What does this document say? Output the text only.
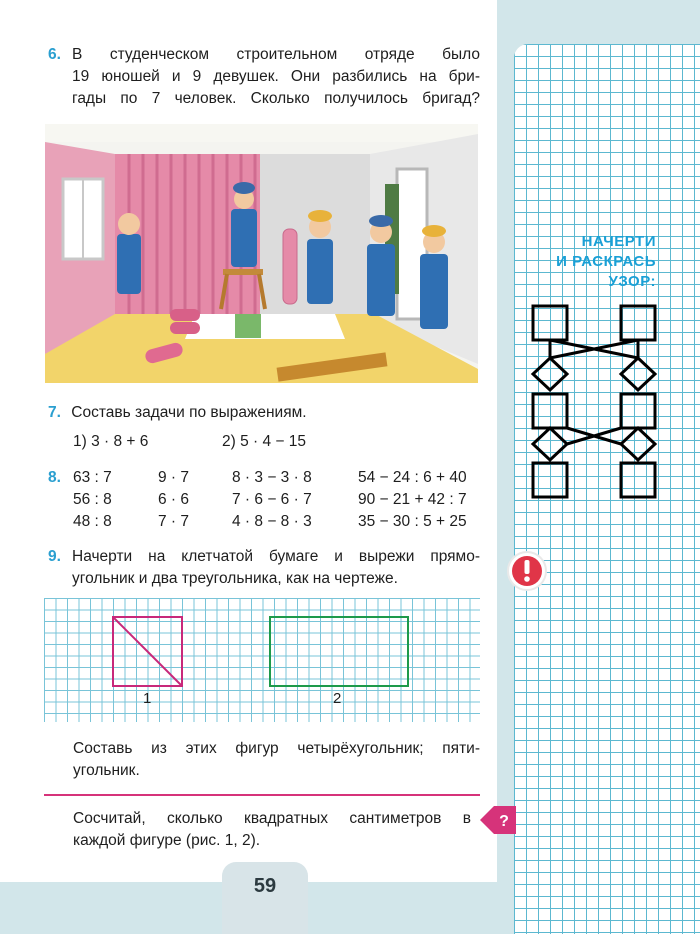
59
6. В студенческом строительном отряде было
19 юношей и 9 девушек. Они разбились на бри-
гады по 7 человек. Сколько получилось бригад?
7. Составь задачи по выражениям.
1) 3 · 8 + 6	2) 5 · 4 − 15
8. 63 : 7	9 · 7	8 · 3 − 3 · 8	54 − 24 : 6 + 40
56 : 8	6 · 6	7 · 6 − 6 · 7	90 − 21 + 42 : 7
48 : 8	7 · 7	4 · 8 − 8 · 3	35 − 30 : 5 + 25
9. Начерти на клетчатой бумаге и вырежи прямо-
угольник и два треугольника, как на чертеже.
1	2
Составь из этих фигур четырёхугольник; пяти-
угольник.
Сосчитай, сколько квадратных сантиметров в
каждой фигуре (рис. 1, 2).
?
НАЧЕРТИ
И РАСКРАСЬ
УЗОР:
